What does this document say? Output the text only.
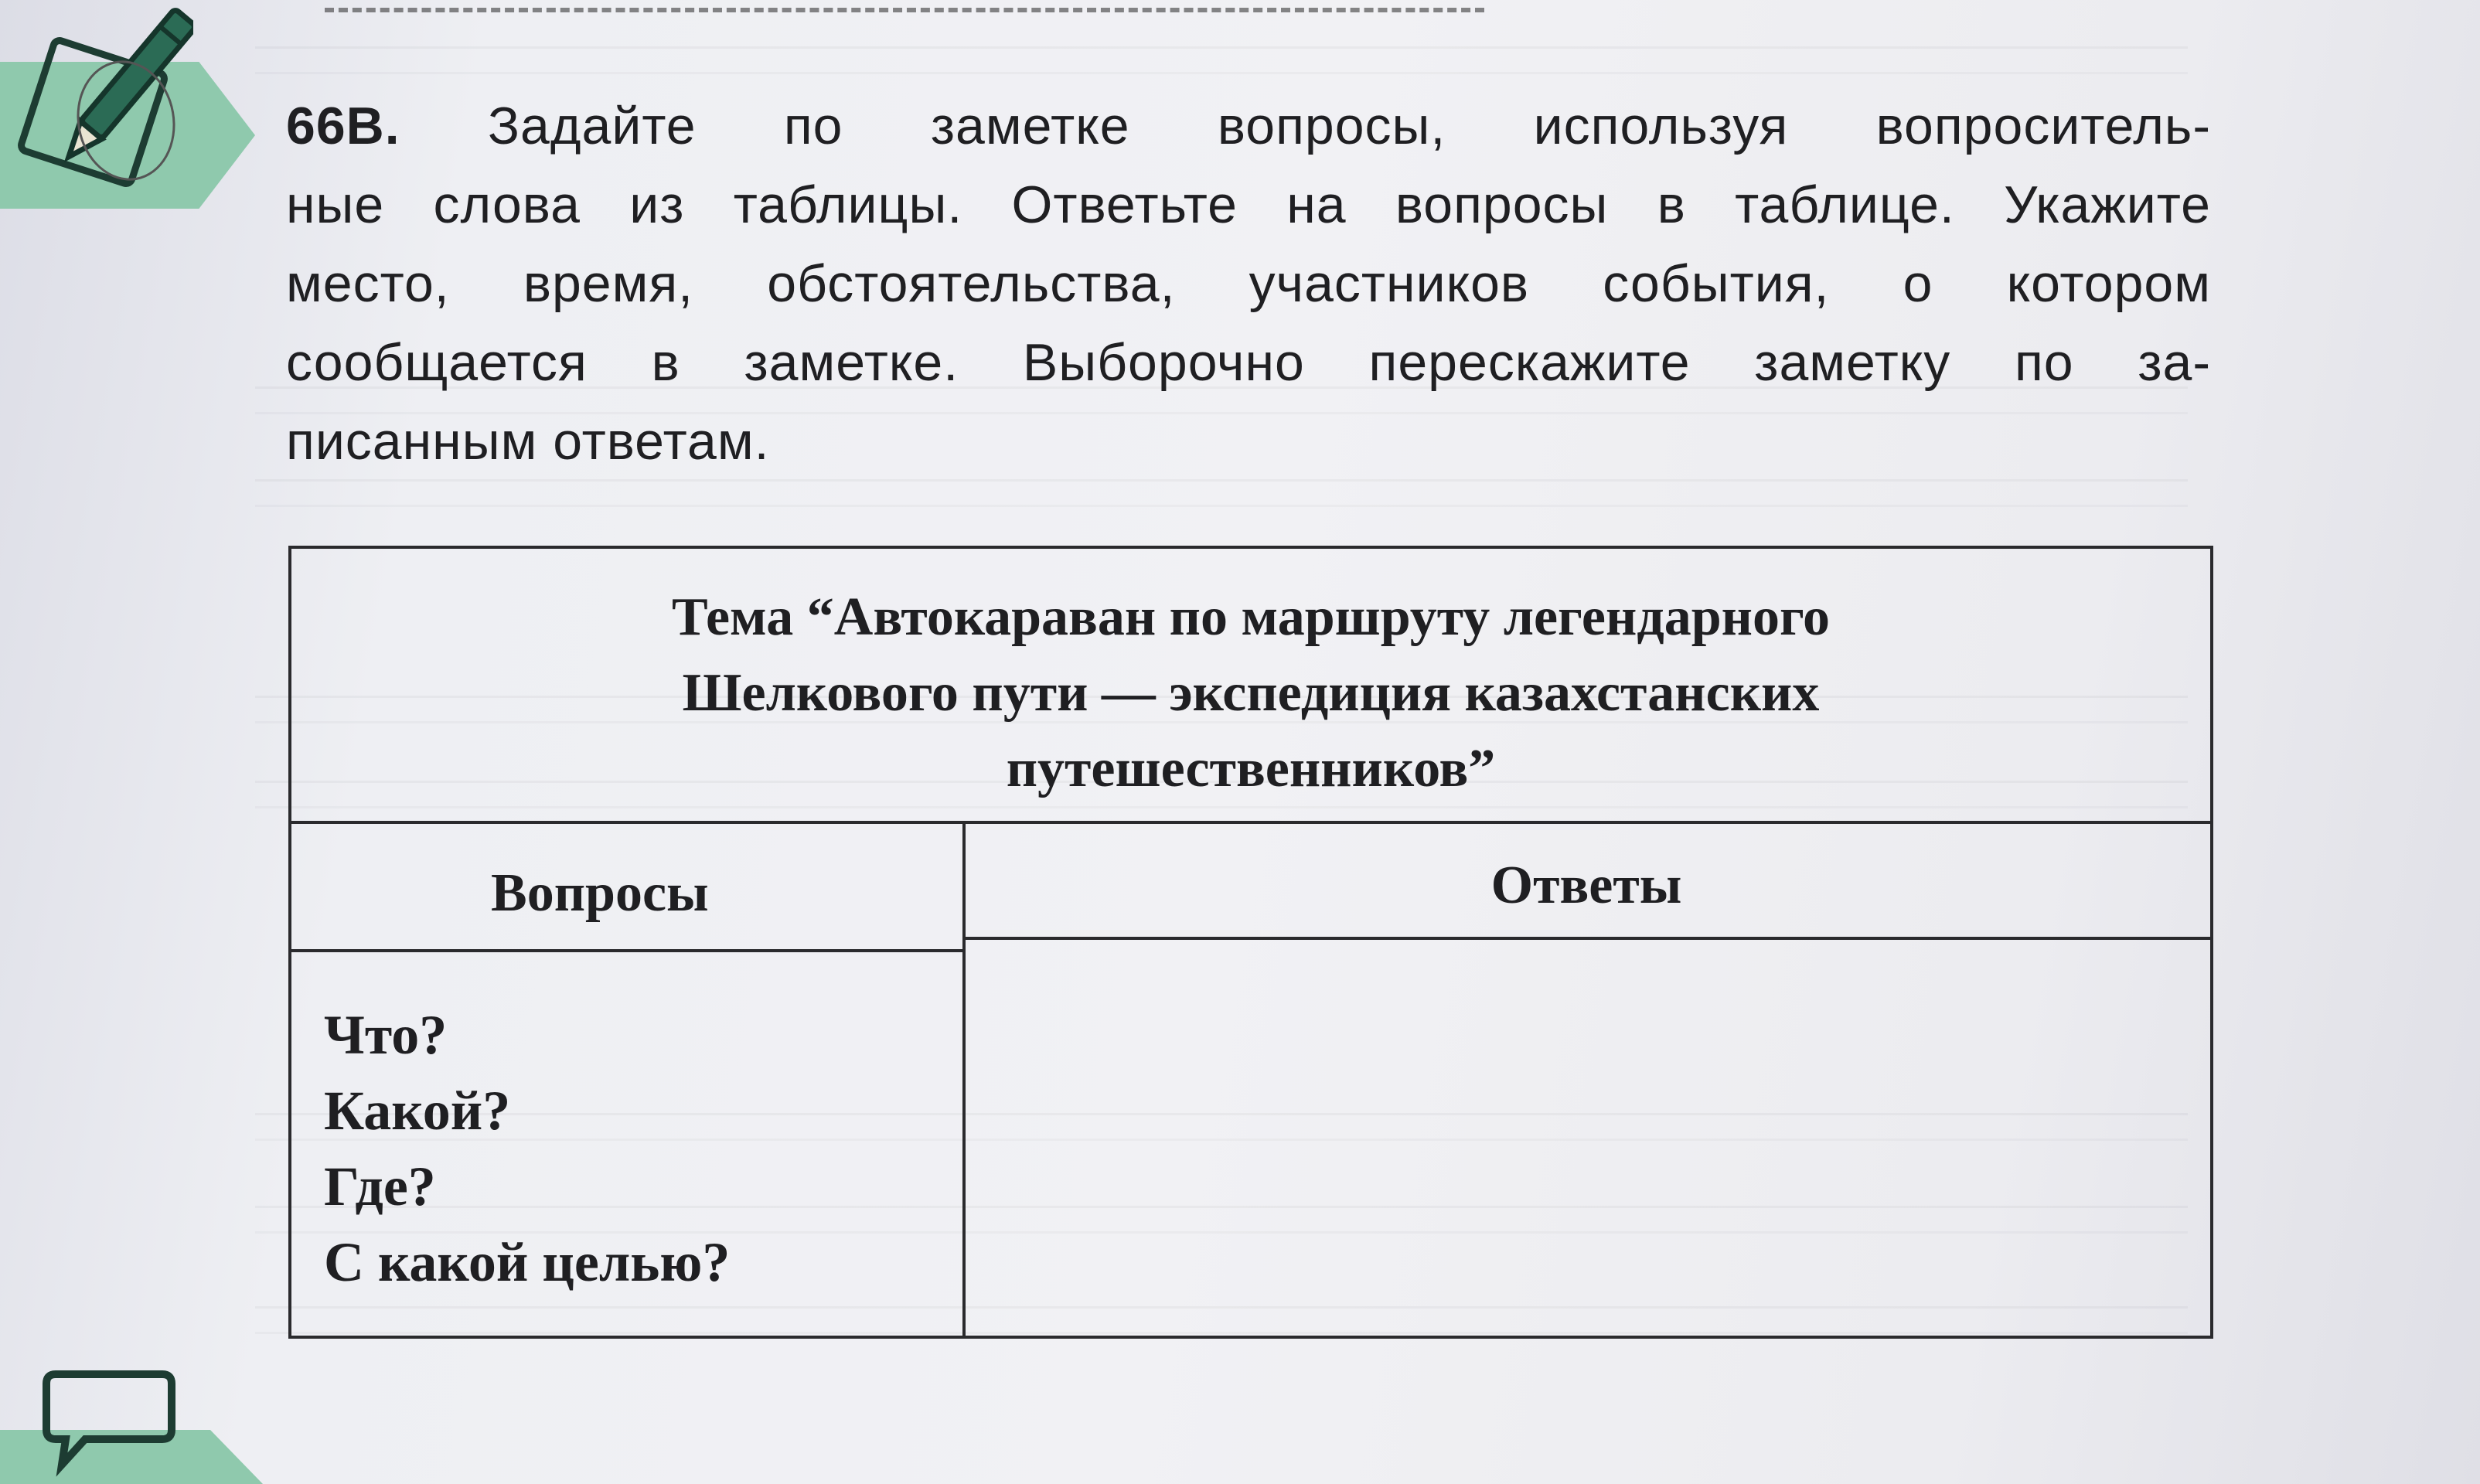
66В. Задайте по заметке вопросы, используя вопроситель-
ные слова из таблицы. Ответьте на вопросы в таблице. Укажите
место, время, обстоятельства, участников события, о котором
сообщается в заметке. Выборочно перескажите заметку по за-
писанным ответам.
Тема “Автокараван по маршруту легендарного
Шелкового пути — экспедиция казахстанских
путешественников”
Вопросы	Ответы
Что?
Какой?
Где?
С какой целью?
